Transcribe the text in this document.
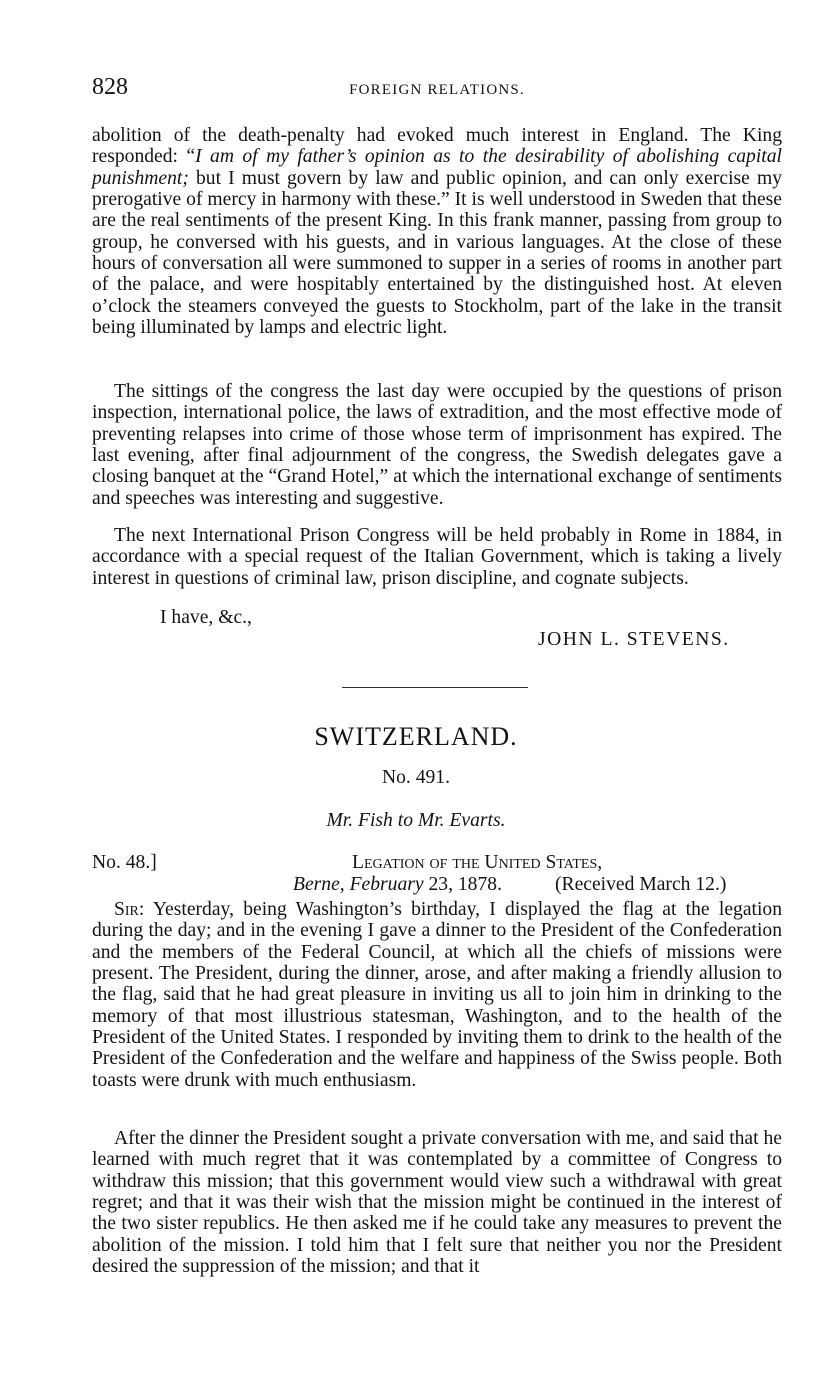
828	FOREIGN RELATIONS.

abolition of the death-penalty had evoked much interest in England. The King responded: “I am of my father’s opinion as to the desirability of abolishing capital punishment; but I must govern by law and public opinion, and can only exercise my prerogative of mercy in harmony with these.” It is well understood in Sweden that these are the real sentiments of the present King. In this frank manner, passing from group to group, he conversed with his guests, and in various languages. At the close of these hours of conversation all were summoned to supper in a series of rooms in another part of the palace, and were hospitably entertained by the distinguished host. At eleven o’clock the steamers conveyed the guests to Stockholm, part of the lake in the transit being illuminated by lamps and electric light.

The sittings of the congress the last day were occupied by the questions of prison inspection, international police, the laws of extradition, and the most effective mode of preventing relapses into crime of those whose term of imprisonment has expired. The last evening, after final adjournment of the congress, the Swedish delegates gave a closing banquet at the “Grand Hotel,” at which the international exchange of sentiments and speeches was interesting and suggestive.

The next International Prison Congress will be held probably in Rome in 1884, in accordance with a special request of the Italian Government, which is taking a lively interest in questions of criminal law, prison discipline, and cognate subjects.

I have, &c.,
JOHN L. STEVENS.
SWITZERLAND.
No. 491.
Mr. Fish to Mr. Evarts.
No. 48.]	Legation of the United States,
Berne, February 23, 1878.	(Received March 12.)

Sir: Yesterday, being Washington’s birthday, I displayed the flag at the legation during the day; and in the evening I gave a dinner to the President of the Confederation and the members of the Federal Council, at which all the chiefs of missions were present. The President, during the dinner, arose, and after making a friendly allusion to the flag, said that he had great pleasure in inviting us all to join him in drinking to the memory of that most illustrious statesman, Washington, and to the health of the President of the United States. I responded by inviting them to drink to the health of the President of the Confederation and the welfare and happiness of the Swiss people. Both toasts were drunk with much enthusiasm.

After the dinner the President sought a private conversation with me, and said that he learned with much regret that it was contemplated by a committee of Congress to withdraw this mission; that this government would view such a withdrawal with great regret; and that it was their wish that the mission might be continued in the interest of the two sister republics. He then asked me if he could take any measures to prevent the abolition of the mission. I told him that I felt sure that neither you nor the President desired the suppression of the mission; and that it
